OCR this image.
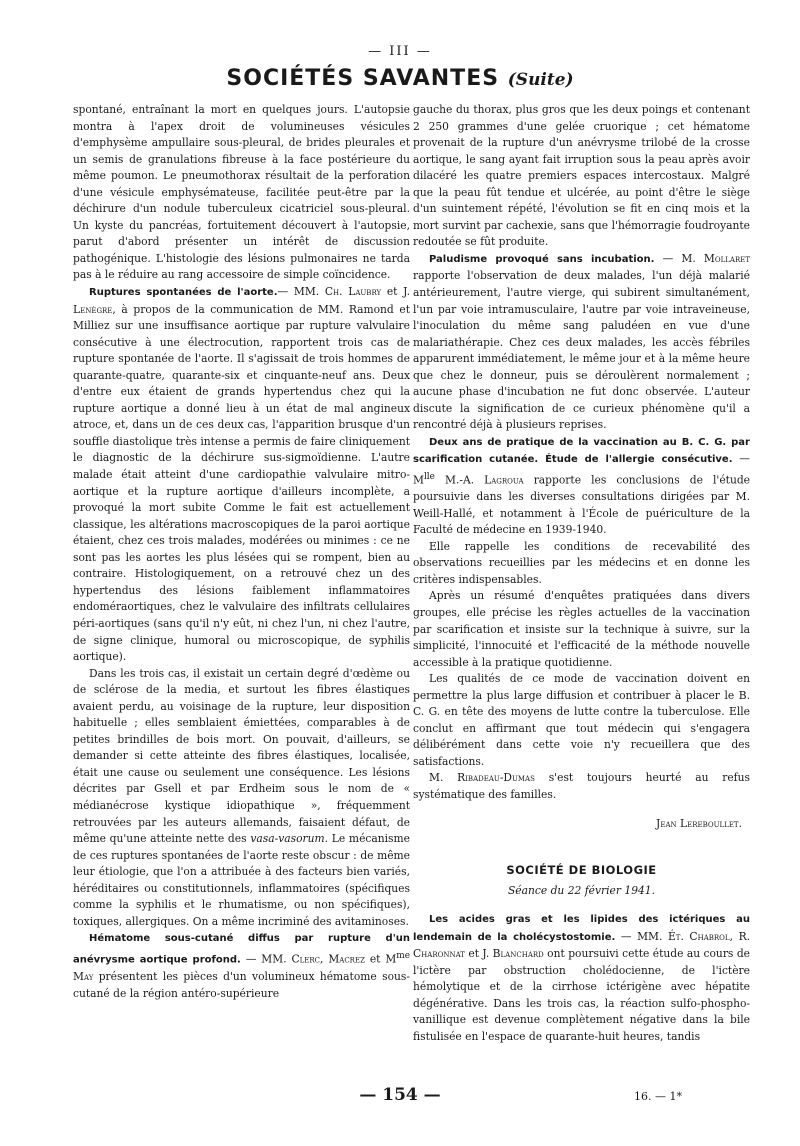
— III —
SOCIÉTÉS SAVANTES (Suite)

spontané, entraînant la mort en quelques jours. L'autopsie montra à l'apex droit de volumineuses vésicules d'emphysème ampullaire sous-pleural, de brides pleurales et un semis de granulations fibreuse à la face postérieure du même poumon. Le pneumothorax résultait de la perforation d'une vésicule emphysémateuse, facilitée peut-être par la déchirure d'un nodule tuberculeux cicatriciel sous-pleural. Un kyste du pancréas, fortuitement découvert à l'autopsie, parut d'abord présenter un intérêt de discussion pathogénique. L'histologie des lésions pulmonaires ne tarda pas à le réduire au rang accessoire de simple coïncidence.

Ruptures spontanées de l'aorte.— MM. Ch. Laubry et J. Lenègre, à propos de la communication de MM. Ramond et Milliez sur une insuffisance aortique par rupture valvulaire consécutive à une électrocution, rapportent trois cas de rupture spontanée de l'aorte. Il s'agissait de trois hommes de quarante-quatre, quarante-six et cinquante-neuf ans. Deux d'entre eux étaient de grands hypertendus chez qui la rupture aortique a donné lieu à un état de mal angineux atroce, et, dans un de ces deux cas, l'apparition brusque d'un souffle diastolique très intense a permis de faire cliniquement le diagnostic de la déchirure sus-sigmoïdienne. L'autre malade était atteint d'une cardiopathie valvulaire mitro-aortique et la rupture aortique d'ailleurs incomplète, a provoqué la mort subite Comme le fait est actuellement classique, les altérations macroscopiques de la paroi aortique étaient, chez ces trois malades, modérées ou minimes : ce ne sont pas les aortes les plus lésées qui se rompent, bien au contraire. Histologiquement, on a retrouvé chez un des hypertendus des lésions faiblement inflammatoires endoméraortiques, chez le valvulaire des infiltrats cellulaires péri-aortiques (sans qu'il n'y eût, ni chez l'un, ni chez l'autre, de signe clinique, humoral ou microscopique, de syphilis aortique).

Dans les trois cas, il existait un certain degré d'œdème ou de sclérose de la media, et surtout les fibres élastiques avaient perdu, au voisinage de la rupture, leur disposition habituelle ; elles semblaient émiettées, comparables à de petites brindilles de bois mort. On pouvait, d'ailleurs, se demander si cette atteinte des fibres élastiques, localisée, était une cause ou seulement une conséquence. Les lésions décrites par Gsell et par Erdheim sous le nom de « médianécrose kystique idiopathique », fréquemment retrouvées par les auteurs allemands, faisaient défaut, de même qu'une atteinte nette des vasa-vasorum. Le mécanisme de ces ruptures spontanées de l'aorte reste obscur : de même leur étiologie, que l'on a attribuée à des facteurs bien variés, héréditaires ou constitutionnels, inflammatoires (spécifiques comme la syphilis et le rhumatisme, ou non spécifiques), toxiques, allergiques. On a même incriminé des avitaminoses.

Hématome sous-cutané diffus par rupture d'un anévrysme aortique profond. — MM. Clerc, Macrez et $M^{me}$ May présentent les pièces d'un volumineux hématome sous-cutané de la région antéro-supérieure

gauche du thorax, plus gros que les deux poings et contenant 2 250 grammes d'une gelée cruorique ; cet hématome provenait de la rupture d'un anévrysme trilobé de la crosse aortique, le sang ayant fait irruption sous la peau après avoir dilacéré les quatre premiers espaces intercostaux. Malgré que la peau fût tendue et ulcérée, au point d'être le siège d'un suintement répété, l'évolution se fit en cinq mois et la mort survint par cachexie, sans que l'hémorragie foudroyante redoutée se fût produite.

Paludisme provoqué sans incubation. — M. Mollaret rapporte l'observation de deux malades, l'un déjà malarié antérieurement, l'autre vierge, qui subirent simultanément, l'un par voie intramusculaire, l'autre par voie intraveineuse, l'inoculation du même sang paludéen en vue d'une malariathérapie. Chez ces deux malades, les accès fébriles apparurent immédiatement, le même jour et à la même heure que chez le donneur, puis se déroulèrent normalement ; aucune phase d'incubation ne fut donc observée. L'auteur discute la signification de ce curieux phénomène qu'il a rencontré déjà à plusieurs reprises.

Deux ans de pratique de la vaccination au B. C. G. par scarification cutanée. Étude de l'allergie consécutive. — $M^{lle}$ M.-A. Lagroua rapporte les conclusions de l'étude poursuivie dans les diverses consultations dirigées par M. Weill-Hallé, et notamment à l'École de puériculture de la Faculté de médecine en 1939-1940.

Elle rappelle les conditions de recevabilité des observations recueillies par les médecins et en donne les critères indispensables.

Après un résumé d'enquêtes pratiquées dans divers groupes, elle précise les règles actuelles de la vaccination par scarification et insiste sur la technique à suivre, sur la simplicité, l'innocuité et l'efficacité de la méthode nouvelle accessible à la pratique quotidienne.

Les qualités de ce mode de vaccination doivent en permettre la plus large diffusion et contribuer à placer le B. C. G. en tête des moyens de lutte contre la tuberculose. Elle conclut en affirmant que tout médecin qui s'engagera délibérément dans cette voie n'y recueillera que des satisfactions.

M. Ribadeau-Dumas s'est toujours heurté au refus systématique des familles.

Jean Lereboullet.
SOCIÉTÉ DE BIOLOGIE
Séance du 22 février 1941.

Les acides gras et les lipides des ictériques au lendemain de la cholécystostomie. — MM. Ét. Chabrol, R. Charonnat et J. Blanchard ont poursuivi cette étude au cours de l'ictère par obstruction cholédocienne, de l'ictère hémolytique et de la cirrhose ictérigène avec hépatite dégénérative. Dans les trois cas, la réaction sulfo-phospho-vanillique est devenue complètement négative dans la bile fistulisée en l'espace de quarante-huit heures, tandis

— 154 —	16. — 1*
